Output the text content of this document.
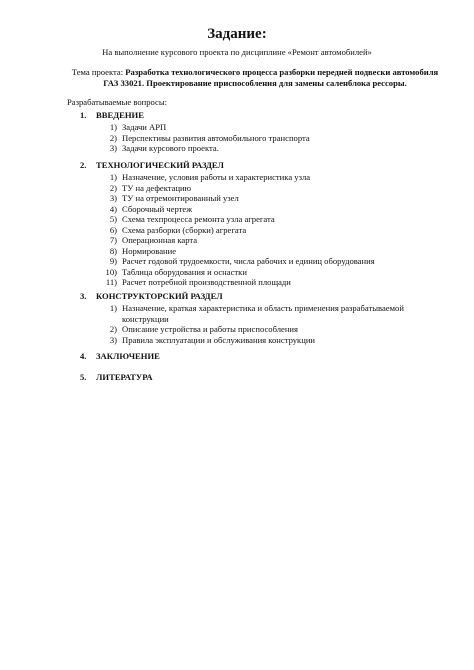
Задание:
На выполнение курсового проекта по дисциплине «Ремонт автомобилей»
Тема проекта: Разработка технологического процесса разборки передней подвески автомобиля ГАЗ 33021. Проектирование приспособления для замены саленблока рессоры.
Разрабатываемые вопросы:
1.	ВВЕДЕНИЕ
1) Задачи АРП
2) Перспективы развития автомобильного транспорта
3) Задачи курсового проекта.
2.	ТЕХНОЛОГИЧЕСКИЙ РАЗДЕЛ
1) Назначение, условия работы и характеристика узла
2) ТУ на дефектацию
3) ТУ на отремонтированный узел
4) Сборочный чертеж
5) Схема техпроцесса ремонта узла агрегата
6) Схема разборки (сборки) агрегата
7) Операционная карта
8) Нормирование
9) Расчет годовой трудоемкости, числа рабочих и единиц оборудования
10) Таблица оборудования и оснастки
11) Расчет потребной производственной площади
3.	КОНСТРУКТОРСКИЙ РАЗДЕЛ
1) Назначение, краткая характеристика и область применения разрабатываемой конструкции
2) Описание устройства и работы приспособления
3) Правила эксплуатации и обслуживания конструкции
4.	ЗАКЛЮЧЕНИЕ
5.	ЛИТЕРАТУРА
